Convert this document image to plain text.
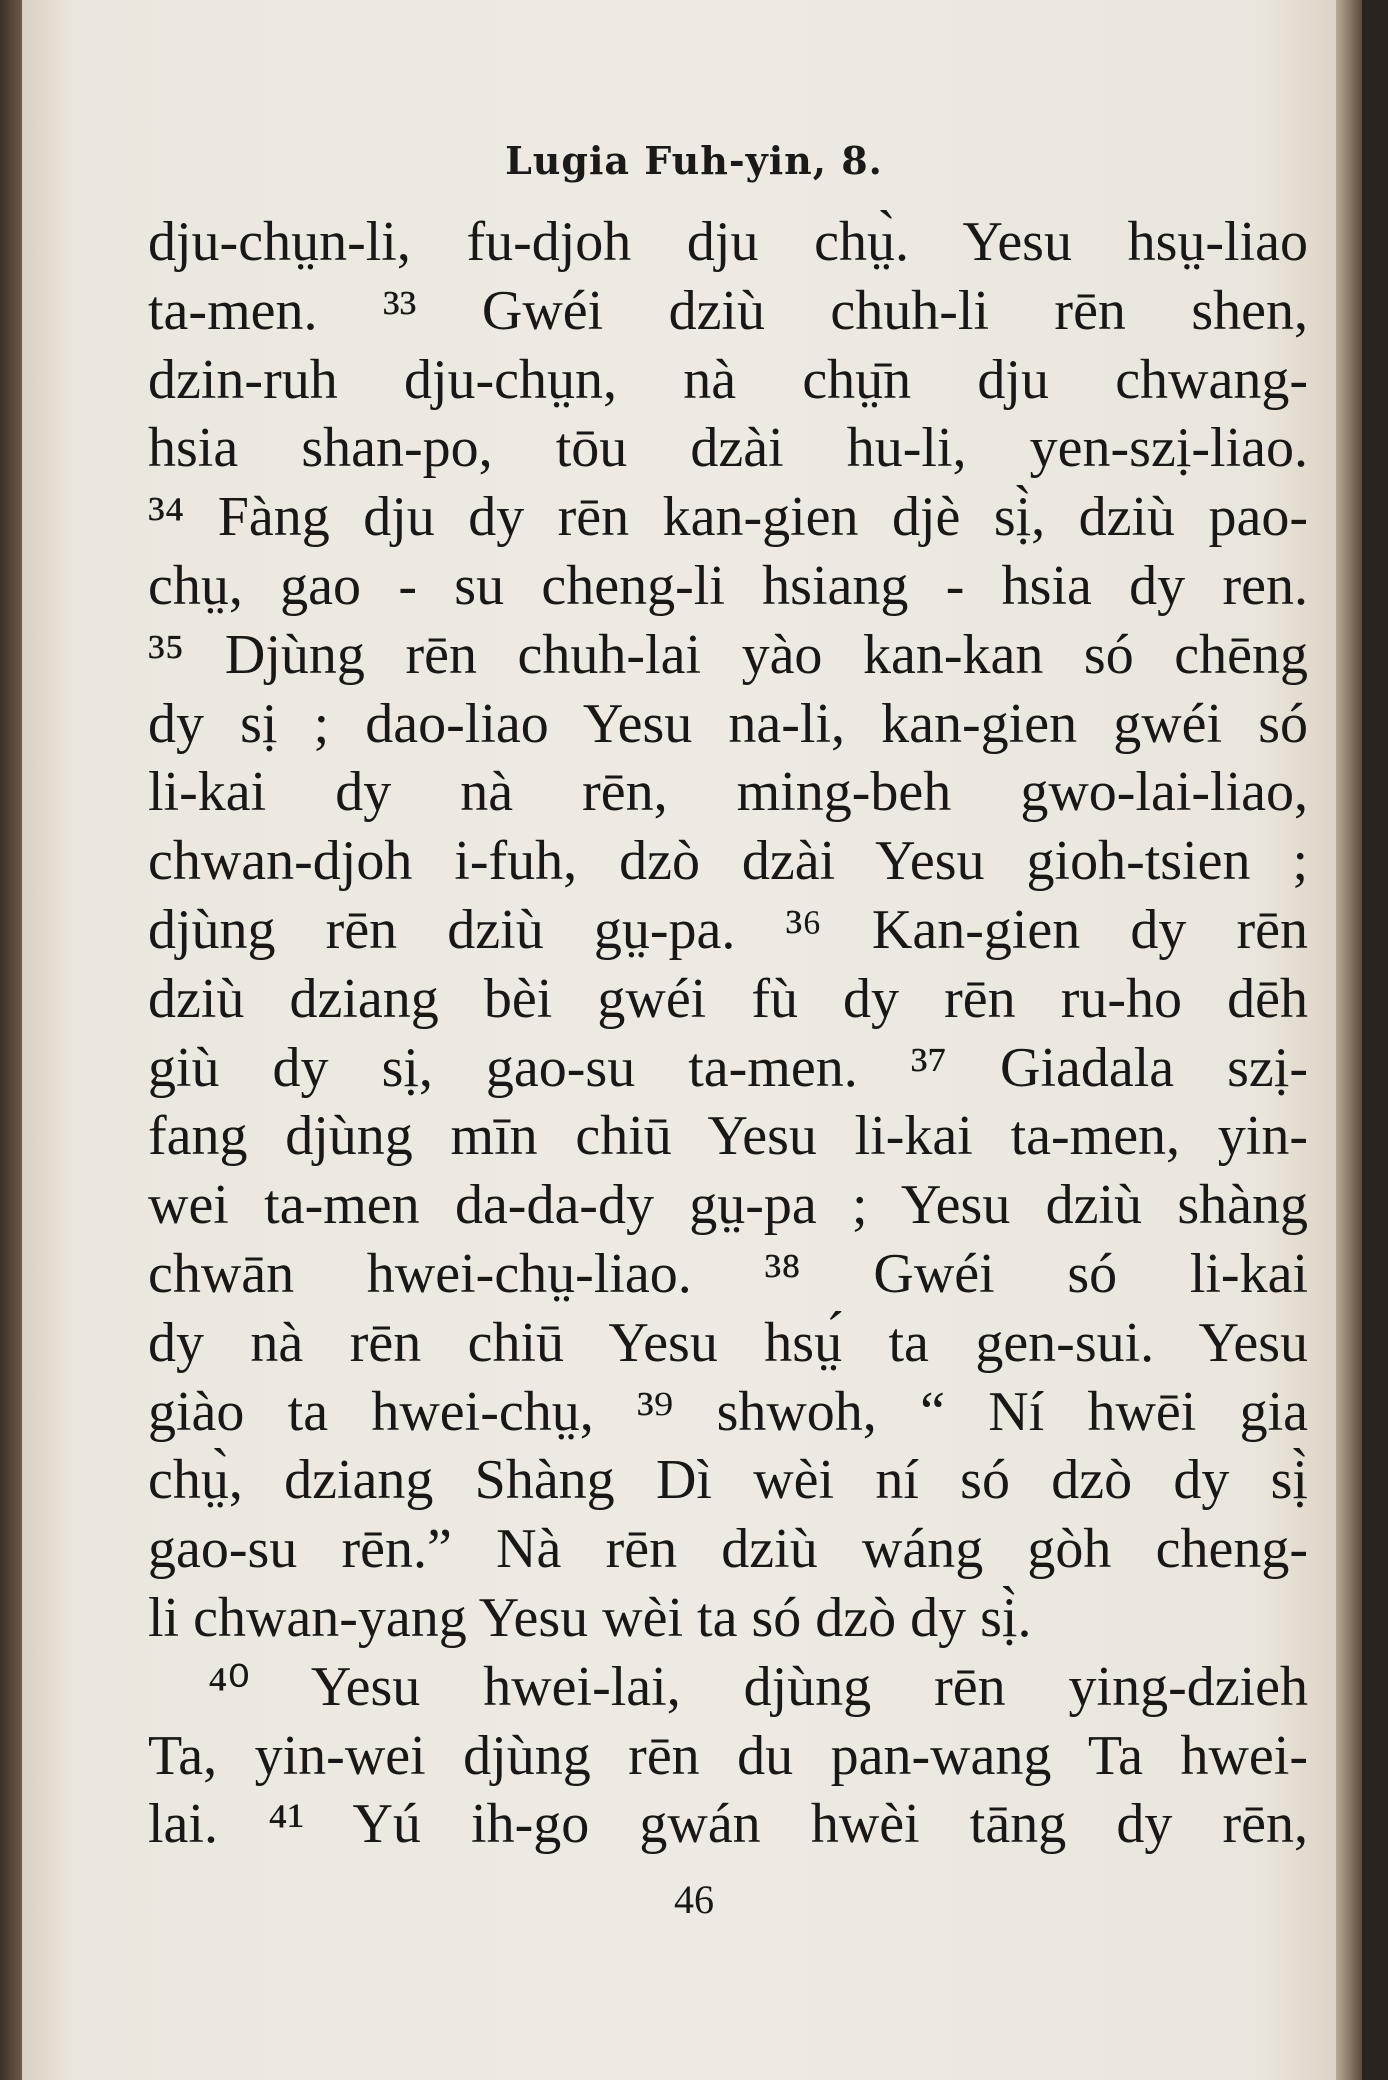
Lugia Fuh-yin, 8.
dju-chṳn-li, fu-djoh dju chṳ̀. Yesu hsṳ-liao
ta-men. ³³ Gwéi dziù chuh-li rēn shen,
dzin-ruh dju-chṳn, nà chṳ̄n dju chwang-
hsia shan-po, tōu dzài hu-li, yen-szị-liao.
³⁴ Fàng dju dy rēn kan-gien djè sị̀, dziù pao-
chṳ, gao - su cheng-li hsiang - hsia dy ren.
³⁵ Djùng rēn chuh-lai yào kan-kan só chēng
dy sị ; dao-liao Yesu na-li, kan-gien gwéi só
li-kai dy nà rēn, ming-beh gwo-lai-liao,
chwan-djoh i-fuh, dzò dzài Yesu gioh-tsien ;
djùng rēn dziù gṳ-pa. ³⁶ Kan-gien dy rēn
dziù dziang bèi gwéi fù dy rēn ru-ho dēh
giù dy sị, gao-su ta-men. ³⁷ Giadala szị-
fang djùng mīn chiū Yesu li-kai ta-men, yin-
wei ta-men da-da-dy gṳ-pa ; Yesu dziù shàng
chwān hwei-chṳ-liao. ³⁸ Gwéi só li-kai
dy nà rēn chiū Yesu hsṳ́ ta gen-sui. Yesu
giào ta hwei-chṳ, ³⁹ shwoh, “ Ní hwēi gia
chṳ̀, dziang Shàng Dì wèi ní só dzò dy sị̀
gao-su rēn.” Nà rēn dziù wáng gòh cheng-
li chwan-yang Yesu wèi ta só dzò dy sị̀.
⁴⁰ Yesu hwei-lai, djùng rēn ying-dzieh
Ta, yin-wei djùng rēn du pan-wang Ta hwei-
lai. ⁴¹ Yú ih-go gwán hwèi tāng dy rēn,
46
